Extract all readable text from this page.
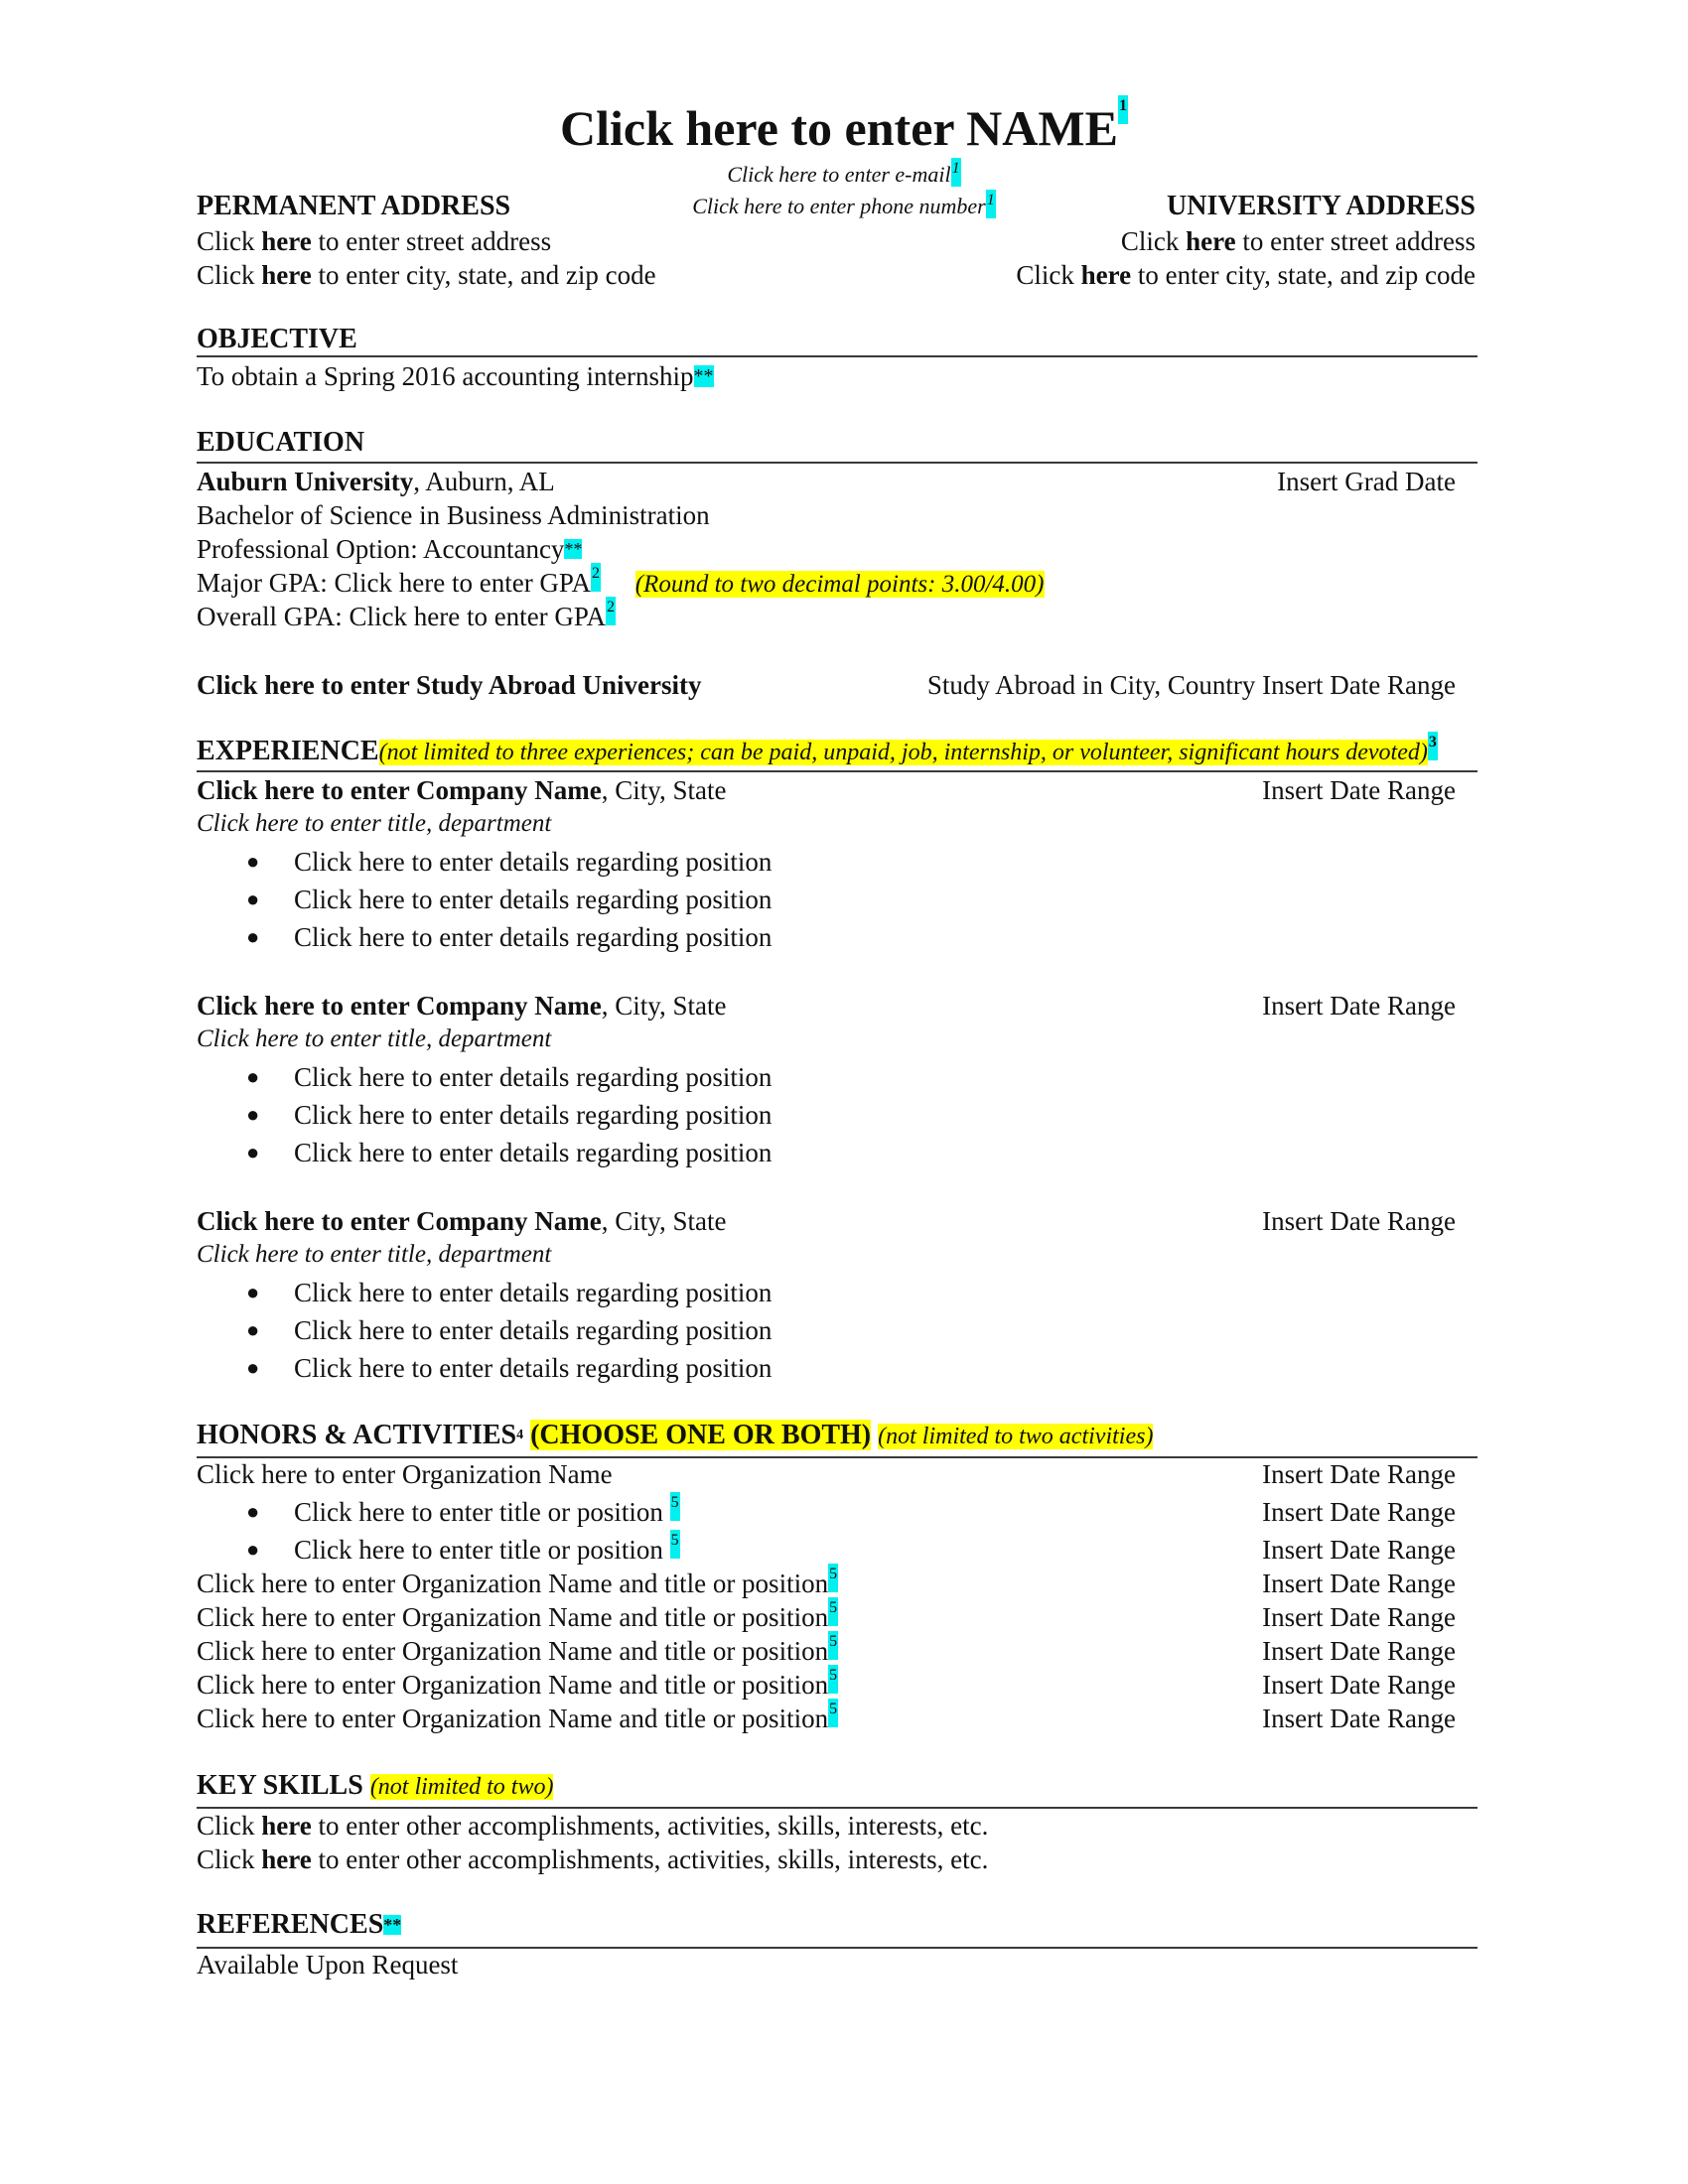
Click here to enter NAME$^1$
Click here to enter e-mail$^1$
Click here to enter phone number$^1$
PERMANENT ADDRESS
Click here to enter street address
Click here to enter city, state, and zip code
UNIVERSITY ADDRESS
Click here to enter street address
Click here to enter city, state, and zip code
OBJECTIVE
To obtain a Spring 2016 accounting internship**
EDUCATION
Auburn University, Auburn, AL	Insert Grad Date
Bachelor of Science in Business Administration
Professional Option: Accountancy**
Major GPA: Click here to enter GPA$^2$ (Round to two decimal points: 3.00/4.00)
Overall GPA: Click here to enter GPA$^2$
Click here to enter Study Abroad University	Study Abroad in City, Country Insert Date Range
EXPERIENCE(not limited to three experiences; can be paid, unpaid, job, internship, or volunteer, significant hours devoted)$^3$
Click here to enter Company Name, City, State	Insert Date Range
Click here to enter title, department
● Click here to enter details regarding position
● Click here to enter details regarding position
● Click here to enter details regarding position
Click here to enter Company Name, City, State	Insert Date Range
Click here to enter title, department
● Click here to enter details regarding position
● Click here to enter details regarding position
● Click here to enter details regarding position
Click here to enter Company Name, City, State	Insert Date Range
Click here to enter title, department
● Click here to enter details regarding position
● Click here to enter details regarding position
● Click here to enter details regarding position
HONORS & ACTIVITIES$^4$ (CHOOSE ONE OR BOTH) (not limited to two activities)
Click here to enter Organization Name	Insert Date Range
● Click here to enter title or position $^5$	Insert Date Range
● Click here to enter title or position $^5$	Insert Date Range
Click here to enter Organization Name and title or position$^5$	Insert Date Range
Click here to enter Organization Name and title or position$^5$	Insert Date Range
Click here to enter Organization Name and title or position$^5$	Insert Date Range
Click here to enter Organization Name and title or position$^5$	Insert Date Range
Click here to enter Organization Name and title or position$^5$	Insert Date Range
KEY SKILLS (not limited to two)
Click here to enter other accomplishments, activities, skills, interests, etc.
Click here to enter other accomplishments, activities, skills, interests, etc.
REFERENCES**
Available Upon Request
